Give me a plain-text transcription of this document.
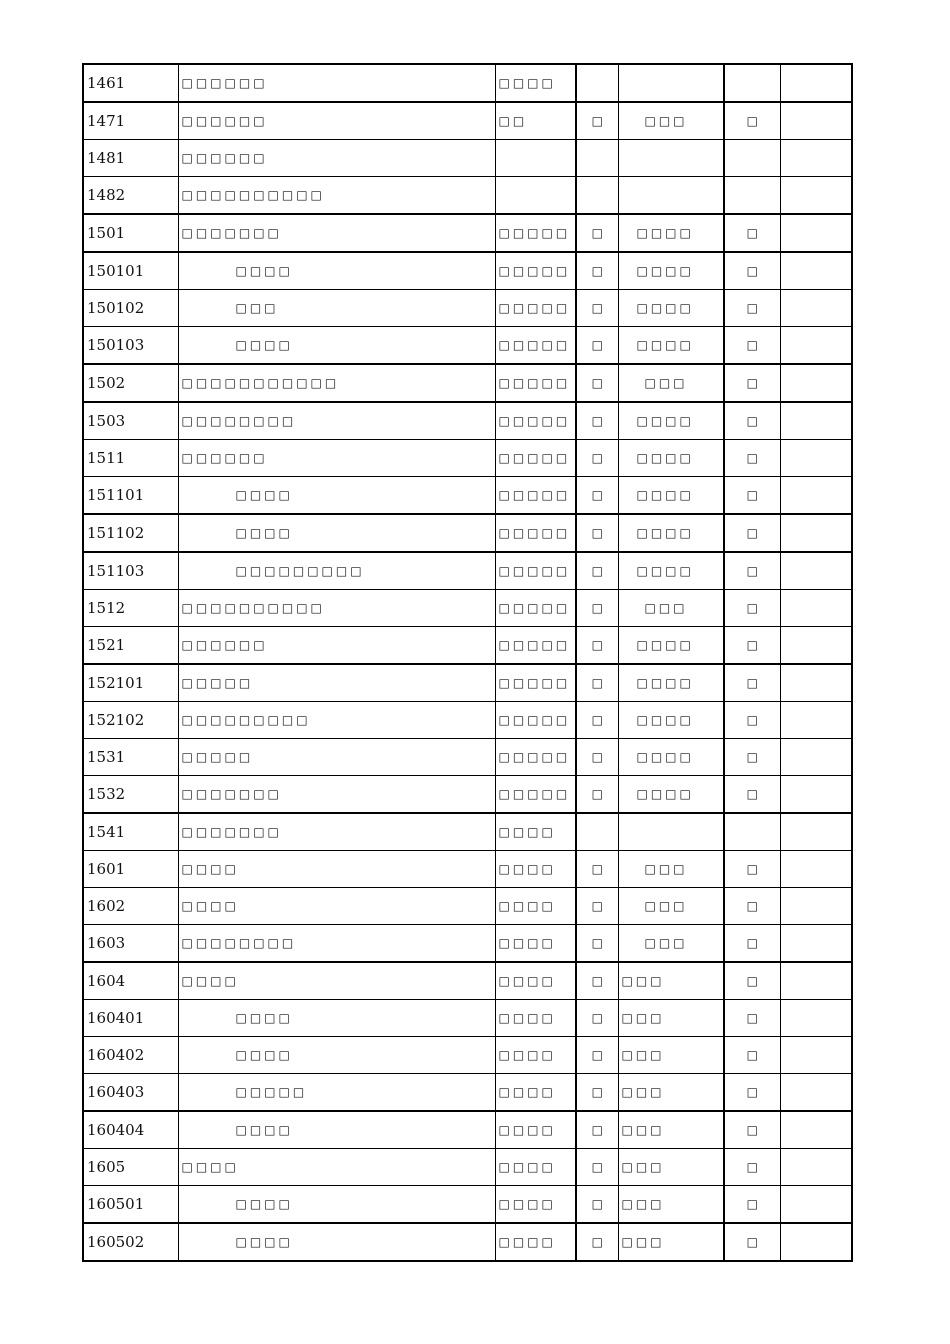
1461	□□□□□□	□□□□				
1471	□□□□□□	□□	□	□□□	□	
1481	□□□□□□					
1482	□□□□□□□□□□					
1501	□□□□□□□	□□□□□	□	□□□□	□	
150101	□□□□	□□□□□	□	□□□□	□	
150102	□□□	□□□□□	□	□□□□	□	
150103	□□□□	□□□□□	□	□□□□	□	
1502	□□□□□□□□□□□	□□□□□	□	□□□	□	
1503	□□□□□□□□	□□□□□	□	□□□□	□	
1511	□□□□□□	□□□□□	□	□□□□	□	
151101	□□□□	□□□□□	□	□□□□	□	
151102	□□□□	□□□□□	□	□□□□	□	
151103	□□□□□□□□□	□□□□□	□	□□□□	□	
1512	□□□□□□□□□□	□□□□□	□	□□□	□	
1521	□□□□□□	□□□□□	□	□□□□	□	
152101	□□□□□	□□□□□	□	□□□□	□	
152102	□□□□□□□□□	□□□□□	□	□□□□	□	
1531	□□□□□	□□□□□	□	□□□□	□	
1532	□□□□□□□	□□□□□	□	□□□□	□	
1541	□□□□□□□	□□□□				
1601	□□□□	□□□□	□	□□□	□	
1602	□□□□	□□□□	□	□□□	□	
1603	□□□□□□□□	□□□□	□	□□□	□	
1604	□□□□	□□□□	□	□□□	□	
160401	□□□□	□□□□	□	□□□	□	
160402	□□□□	□□□□	□	□□□	□	
160403	□□□□□	□□□□	□	□□□	□	
160404	□□□□	□□□□	□	□□□	□	
1605	□□□□	□□□□	□	□□□	□	
160501	□□□□	□□□□	□	□□□	□	
160502	□□□□	□□□□	□	□□□	□	
